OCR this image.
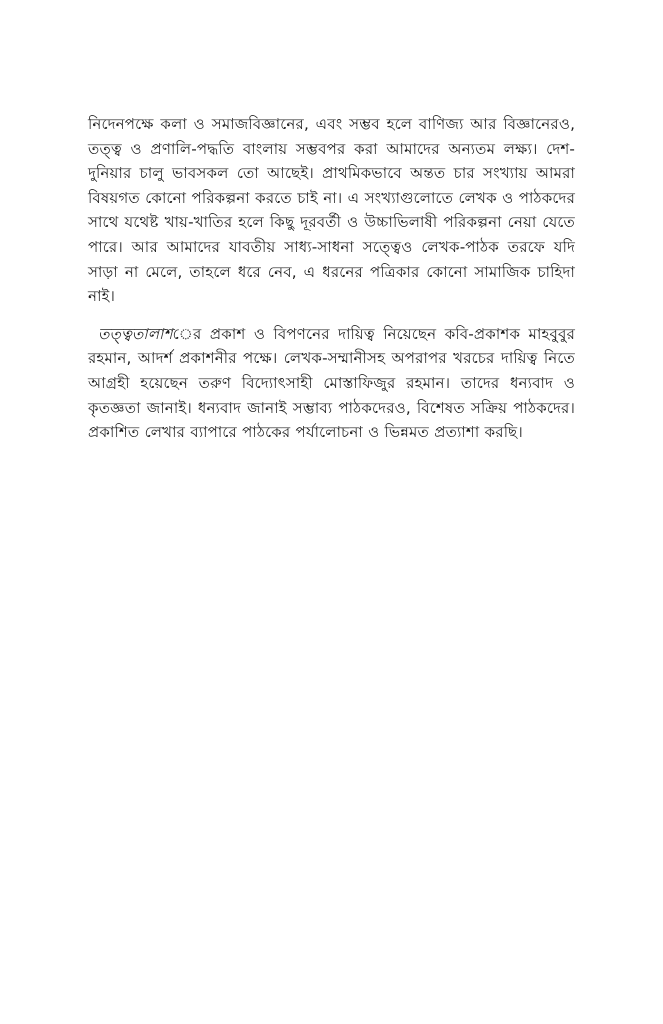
নিদেনপক্ষে কলা ও সমাজবিজ্ঞানের, এবং সম্ভব হলে বাণিজ্য আর বিজ্ঞানেরও, তত্ত্ব ও প্রণালি-পদ্ধতি বাংলায় সম্ভবপর করা আমাদের অন্যতম লক্ষ্য। দেশ-দুনিয়ার চালু ভাবসকল তো আছেই। প্রাথমিকভাবে অন্তত চার সংখ্যায় আমরা বিষয়গত কোনো পরিকল্পনা করতে চাই না। এ সংখ্যাগুলোতে লেখক ও পাঠকদের সাথে যথেষ্ট খায়-খাতির হলে কিছু দূরবর্তী ও উচ্চাভিলাষী পরিকল্পনা নেয়া যেতে পারে। আর আমাদের যাবতীয় সাধ্য-সাধনা সত্ত্বেও লেখক-পাঠক তরফে যদি সাড়া না মেলে, তাহলে ধরে নেব, এ ধরনের পত্রিকার কোনো সামাজিক চাহিদা নাই।

তত্ত্বতালাশের প্রকাশ ও বিপণনের দায়িত্ব নিয়েছেন কবি-প্রকাশক মাহবুবুর রহমান, আদর্শ প্রকাশনীর পক্ষে। লেখক-সম্মানীসহ অপরাপর খরচের দায়িত্ব নিতে আগ্রহী হয়েছেন তরুণ বিদ্যোৎসাহী মোস্তাফিজুর রহমান। তাদের ধন্যবাদ ও কৃতজ্ঞতা জানাই। ধন্যবাদ জানাই সম্ভাব্য পাঠকদেরও, বিশেষত সক্রিয় পাঠকদের। প্রকাশিত লেখার ব্যাপারে পাঠকের পর্যালোচনা ও ভিন্নমত প্রত্যাশা করছি।
